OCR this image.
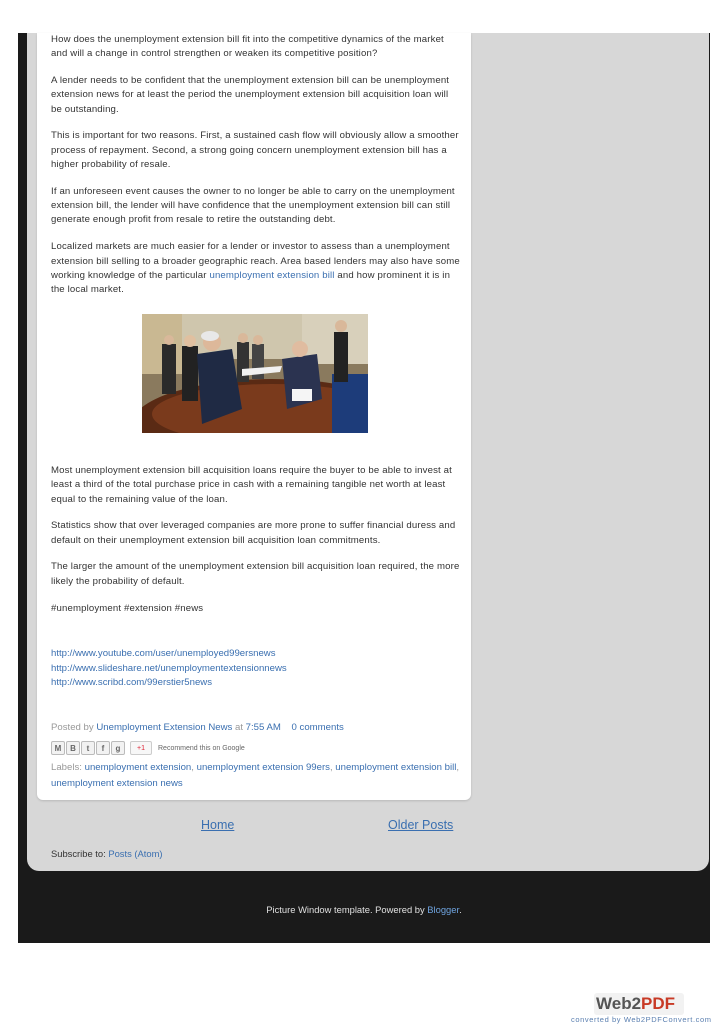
How does the unemployment extension bill fit into the competitive dynamics of the market and will a change in control strengthen or weaken its competitive position?

A lender needs to be confident that the unemployment extension bill can be unemployment extension news for at least the period the unemployment extension bill acquisition loan will be outstanding.

This is important for two reasons. First, a sustained cash flow will obviously allow a smoother process of repayment. Second, a strong going concern unemployment extension bill has a higher probability of resale.

If an unforeseen event causes the owner to no longer be able to carry on the unemployment extension bill, the lender will have confidence that the unemployment extension bill can still generate enough profit from resale to retire the outstanding debt.

Localized markets are much easier for a lender or investor to assess than a unemployment extension bill selling to a broader geographic reach. Area based lenders may also have some working knowledge of the particular unemployment extension bill and how prominent it is in the local market.

Most unemployment extension bill acquisition loans require the buyer to be able to invest at least a third of the total purchase price in cash with a remaining tangible net worth at least equal to the remaining value of the loan.

Statistics show that over leveraged companies are more prone to suffer financial duress and default on their unemployment extension bill acquisition loan commitments.

The larger the amount of the unemployment extension bill acquisition loan required, the more likely the probability of default.

#unemployment #extension #news

http://www.youtube.com/user/unemployed99ersnews
http://www.slideshare.net/unemploymentextensionnews
http://www.scribd.com/99erstier5news
Posted by Unemployment Extension News at 7:55 AM 0 comments
M	B	t	f	g	+1	Recommend this on Google
Labels: unemployment extension, unemployment extension 99ers, unemployment extension bill, unemployment extension news
Home	Older Posts
Subscribe to: Posts (Atom)
Picture Window template. Powered by Blogger.
Web2PDF
converted by Web2PDFConvert.com
